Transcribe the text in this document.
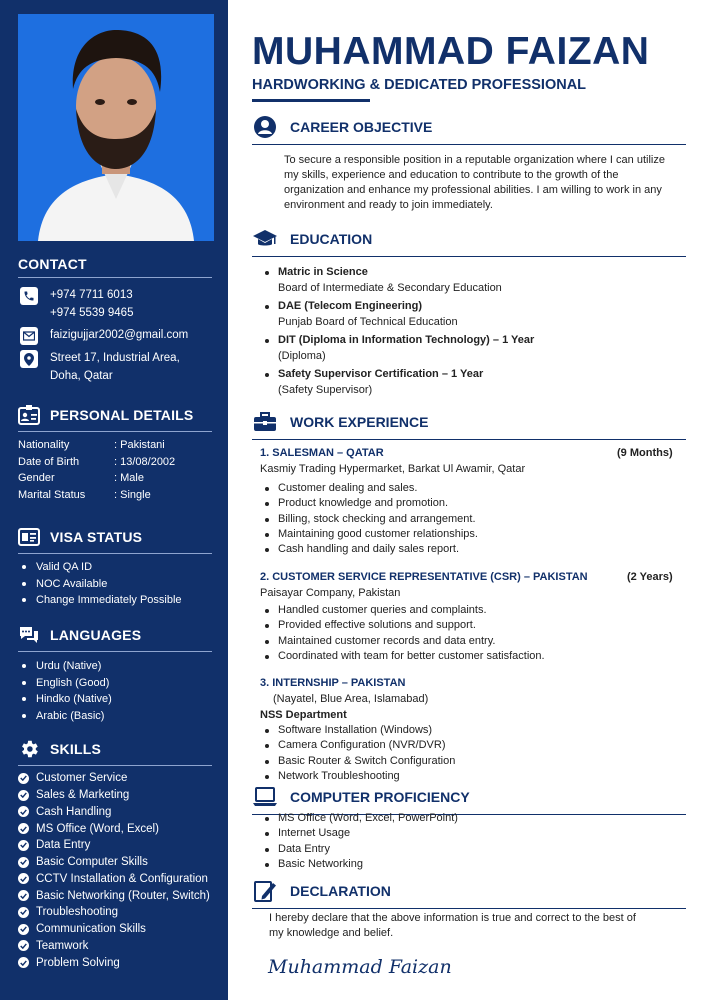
CONTACT
+974 7711 6013
+974 5539 9465
faizigujjar2002@gmail.com
Street 17, Industrial Area,
Doha, Qatar
PERSONAL DETAILS
Nationality	: Pakistani
Date of Birth	: 13/08/2002
Gender	: Male
Marital Status	: Single
VISA STATUS
Valid QA ID
NOC Available
Change Immediately Possible
LANGUAGES
Urdu (Native)
English (Good)
Hindko (Native)
Arabic (Basic)
SKILLS
Customer Service
Sales & Marketing
Cash Handling
MS Office (Word, Excel)
Data Entry
Basic Computer Skills
CCTV Installation & Configuration
Basic Networking (Router, Switch)
Troubleshooting
Communication Skills
Teamwork
Problem Solving
MUHAMMAD FAIZAN
HARDWORKING & DEDICATED PROFESSIONAL
CAREER OBJECTIVE
To secure a responsible position in a reputable organization where I can utilize
my skills, experience and education to contribute to the growth of the
organization and enhance my professional abilities. I am willing to work in any
environment and ready to join immediately.
EDUCATION
Matric in Science
Board of Intermediate & Secondary Education
DAE (Telecom Engineering)
Punjab Board of Technical Education
DIT (Diploma in Information Technology) – 1 Year
(Diploma)
Safety Supervisor Certification – 1 Year
(Safety Supervisor)
WORK EXPERIENCE
1. SALESMAN – QATAR	(9 Months)
Kasmiy Trading Hypermarket, Barkat Ul Awamir, Qatar
Customer dealing and sales.
Product knowledge and promotion.
Billing, stock checking and arrangement.
Maintaining good customer relationships.
Cash handling and daily sales report.
2. CUSTOMER SERVICE REPRESENTATIVE (CSR) – PAKISTAN	(2 Years)
Paisayar Company, Pakistan
Handled customer queries and complaints.
Provided effective solutions and support.
Maintained customer records and data entry.
Coordinated with team for better customer satisfaction.
3. INTERNSHIP – PAKISTAN
(Nayatel, Blue Area, Islamabad)
NSS Department
Software Installation (Windows)
Camera Configuration (NVR/DVR)
Basic Router & Switch Configuration
Network Troubleshooting
COMPUTER PROFICIENCY
MS Office (Word, Excel, PowerPoint)
Internet Usage
Data Entry
Basic Networking
DECLARATION
I hereby declare that the above information is true and correct to the best of
my knowledge and belief.
Muhammad Faizan
